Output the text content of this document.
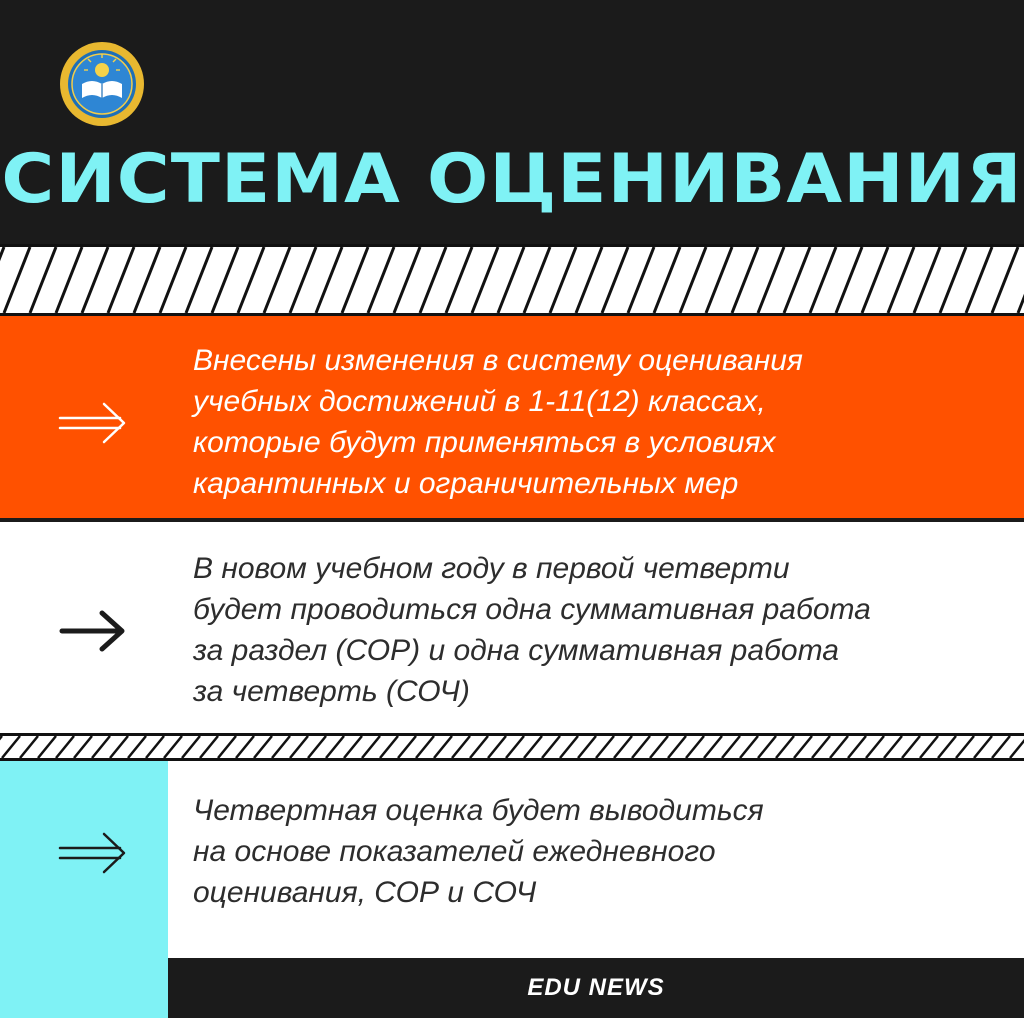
СИСТЕМА ОЦЕНИВАНИЯ
Внесены изменения в систему оценивания
учебных достижений в 1-11(12) классах,
которые будут применяться в условиях
карантинных и ограничительных мер
В новом учебном году в первой четверти
будет проводиться одна суммативная работа
за раздел (СОР) и одна суммативная работа
за четверть (СОЧ)
Четвертная оценка будет выводиться
на основе показателей ежедневного
оценивания, СОР и СОЧ
EDU NEWS
